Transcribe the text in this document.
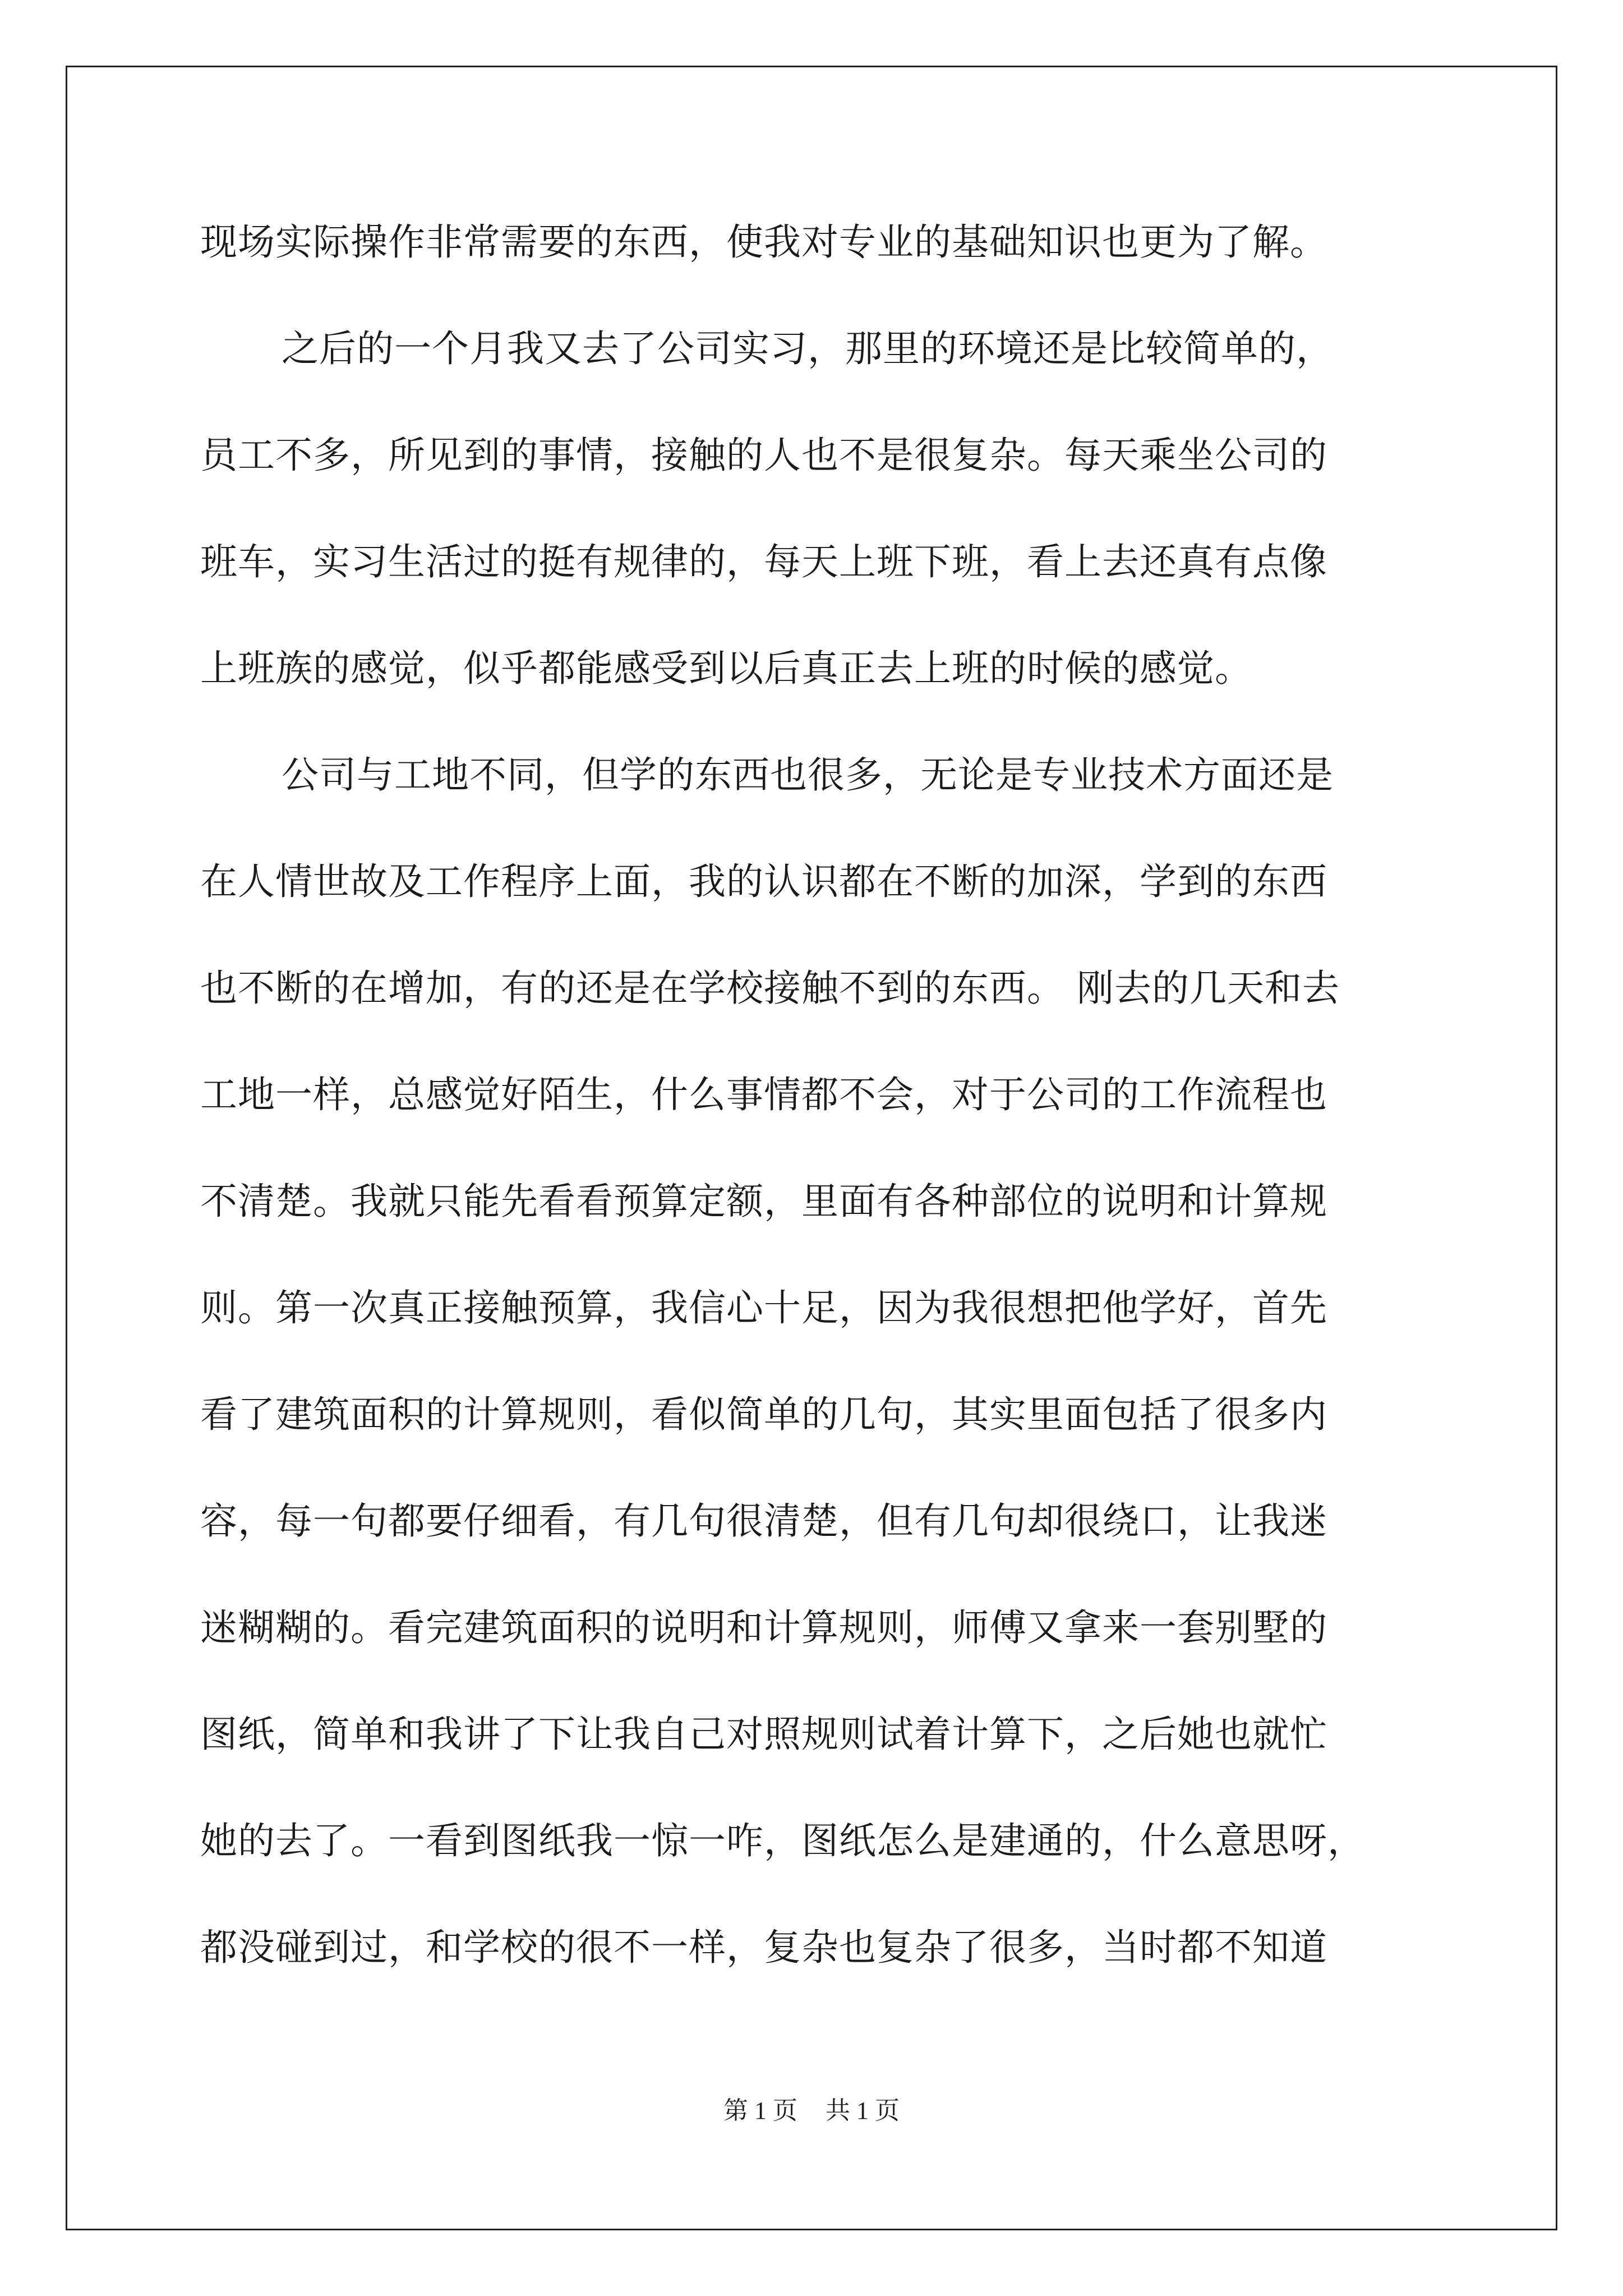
现场实际操作非常需要的东西，使我对专业的基础知识也更为了解。
之后的一个月我又去了公司实习，那里的环境还是比较简单的，
员工不多，所见到的事情，接触的人也不是很复杂。每天乘坐公司的
班车，实习生活过的挺有规律的，每天上班下班，看上去还真有点像
上班族的感觉，似乎都能感受到以后真正去上班的时候的感觉。
公司与工地不同，但学的东西也很多，无论是专业技术方面还是
在人情世故及工作程序上面，我的认识都在不断的加深，学到的东西
也不断的在增加，有的还是在学校接触不到的东西。 刚去的几天和去
工地一样，总感觉好陌生，什么事情都不会，对于公司的工作流程也
不清楚。我就只能先看看预算定额，里面有各种部位的说明和计算规
则。第一次真正接触预算，我信心十足，因为我很想把他学好，首先
看了建筑面积的计算规则，看似简单的几句，其实里面包括了很多内
容，每一句都要仔细看，有几句很清楚，但有几句却很绕口，让我迷
迷糊糊的。看完建筑面积的说明和计算规则，师傅又拿来一套别墅的
图纸，简单和我讲了下让我自己对照规则试着计算下，之后她也就忙
她的去了。一看到图纸我一惊一咋，图纸怎么是建通的，什么意思呀，
都没碰到过，和学校的很不一样，复杂也复杂了很多，当时都不知道
第 1 页 共 1 页
